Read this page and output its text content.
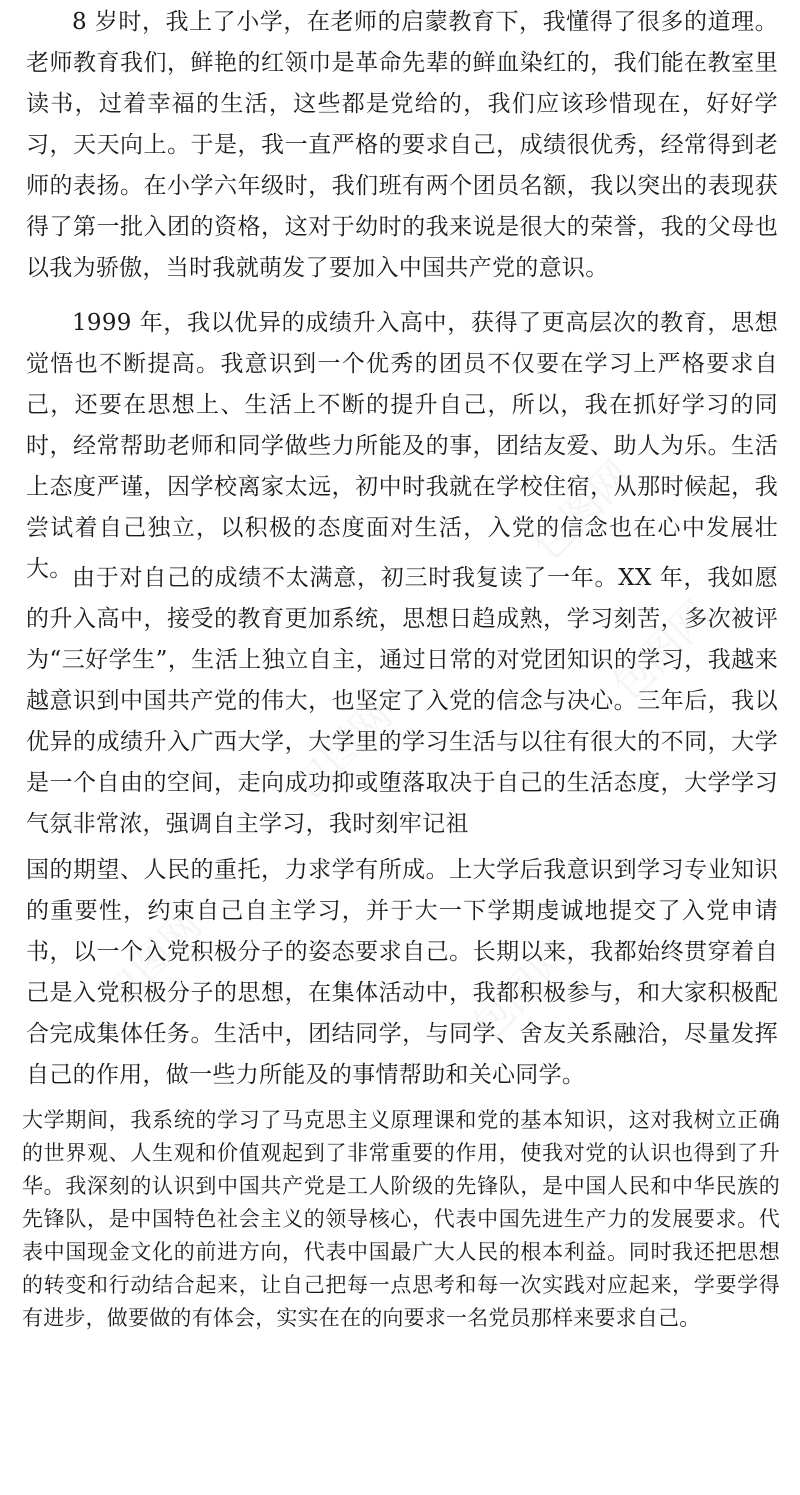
8 岁时，我上了小学，在老师的启蒙教育下，我懂得了很多的道理。老师教育我们，鲜艳的红领巾是革命先辈的鲜血染红的，我们能在教室里读书，过着幸福的生活，这些都是党给的，我们应该珍惜现在，好好学习，天天向上。于是，我一直严格的要求自己，成绩很优秀，经常得到老师的表扬。在小学六年级时，我们班有两个团员名额，我以突出的表现获得了第一批入团的资格，这对于幼时的我来说是很大的荣誉，我的父母也以我为骄傲，当时我就萌发了要加入中国共产党的意识。

1999 年，我以优异的成绩升入高中，获得了更高层次的教育，思想觉悟也不断提高。我意识到一个优秀的团员不仅要在学习上严格要求自己，还要在思想上、生活上不断的提升自己，所以，我在抓好学习的同时，经常帮助老师和同学做些力所能及的事，团结友爱、助人为乐。生活上态度严谨，因学校离家太远，初中时我就在学校住宿，从那时候起，我尝试着自己独立，以积极的态度面对生活，入党的信念也在心中发展壮大。 由于对自己的成绩不太满意，初三时我复读了一年。XX 年，我如愿的升入高中，接受的教育更加系统，思想日趋成熟，学习刻苦，多次被评为“三好学生”，生活上独立自主，通过日常的对党团知识的学习，我越来越意识到中国共产党的伟大，也坚定了入党的信念与决心。三年后，我以优异的成绩升入广西大学，大学里的学习生活与以往有很大的不同，大学是一个自由的空间，走向成功抑或堕落取决于自己的生活态度，大学学习气氛非常浓，强调自主学习，我时刻牢记祖

国的期望、人民的重托，力求学有所成。上大学后我意识到学习专业知识的重要性，约束自己自主学习，并于大一下学期虔诚地提交了入党申请书，以一个入党积极分子的姿态要求自己。长期以来，我都始终贯穿着自己是入党积极分子的思想，在集体活动中，我都积极参与，和大家积极配合完成集体任务。生活中，团结同学，与同学、舍友关系融洽，尽量发挥自己的作用，做一些力所能及的事情帮助和关心同学。

大学期间，我系统的学习了马克思主义原理课和党的基本知识，这对我树立正确的世界观、人生观和价值观起到了非常重要的作用，使我对党的认识也得到了升华。我深刻的认识到中国共产党是工人阶级的先锋队，是中国人民和中华民族的先锋队，是中国特色社会主义的领导核心，代表中国先进生产力的发展要求。代表中国现金文化的前进方向，代表中国最广大人民的根本利益。同时我还把思想的转变和行动结合起来，让自己把每一点思考和每一次实践对应起来，学要学得有进步，做要做的有体会，实实在在的向要求一名党员那样来要求自己。

包图网
包图网
包图网
包图网	包图网
